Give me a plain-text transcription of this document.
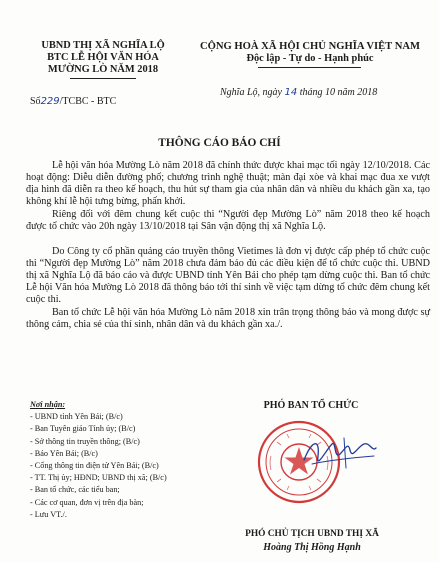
UBND THỊ XÃ NGHĨA LỘ
BTC LỄ HỘI VĂN HÓA
MƯỜNG LÒ NĂM 2018
CỘNG HOÀ XÃ HỘI CHỦ NGHĨA VIỆT NAM
Độc lập - Tự do - Hạnh phúc
Số229/TCBC - BTC
Nghĩa Lộ, ngày 14 tháng 10 năm 2018
THÔNG CÁO BÁO CHÍ
Lễ hội văn hóa Mường Lò năm 2018 đã chính thức được khai mạc tối ngày 12/10/2018. Các hoạt động: Diễu diễn đường phố; chương trình nghệ thuật; màn đại xòe và khai mạc đua xe vượt địa hình đã diễn ra theo kế hoạch, thu hút sự tham gia của nhân dân và nhiều du khách gần xa, tạo không khí lễ hội tưng bừng, phấn khởi.
Riêng đối với đêm chung kết cuộc thi “Người đẹp Mường Lò” năm 2018 theo kế hoạch được tổ chức vào 20h ngày 13/10/2018 tại Sân vận động thị xã Nghĩa Lộ.
Do Công ty cổ phần quảng cáo truyền thông Vietimes là đơn vị được cấp phép tổ chức cuộc thi “Người đẹp Mường Lò” năm 2018 chưa đảm bảo đủ các điều kiện để tổ chức cuộc thi. UBND thị xã Nghĩa Lộ đã báo cáo và được UBND tỉnh Yên Bái cho phép tạm dừng cuộc thi. Ban tổ chức Lễ hội Văn hóa Mường Lò 2018 đã thông báo tới thí sinh về việc tạm dừng tổ chức đêm chung kết cuộc thi.
Ban tổ chức Lễ hội văn hóa Mường Lò năm 2018 xin trân trọng thông báo và mong được sự thông cảm, chia sẻ của thí sinh, nhân dân và du khách gần xa./.
Nơi nhận:
- UBND tỉnh Yên Bái; (B/c)
- Ban Tuyên giáo Tỉnh ủy; (B/c)
- Sở thông tin truyền thông; (B/c)
- Báo Yên Bái; (B/c)
- Cổng thông tin điện tử Yên Bái; (B/c)
- TT. Thị ủy; HĐND; UBND thị xã; (B/c)
- Ban tổ chức, các tiểu ban;
- Các cơ quan, đơn vị trên địa bàn;
- Lưu VT./.
PHÓ BAN TỔ CHỨC
PHÓ CHỦ TỊCH UBND THỊ XÃ
Hoàng Thị Hồng Hạnh
